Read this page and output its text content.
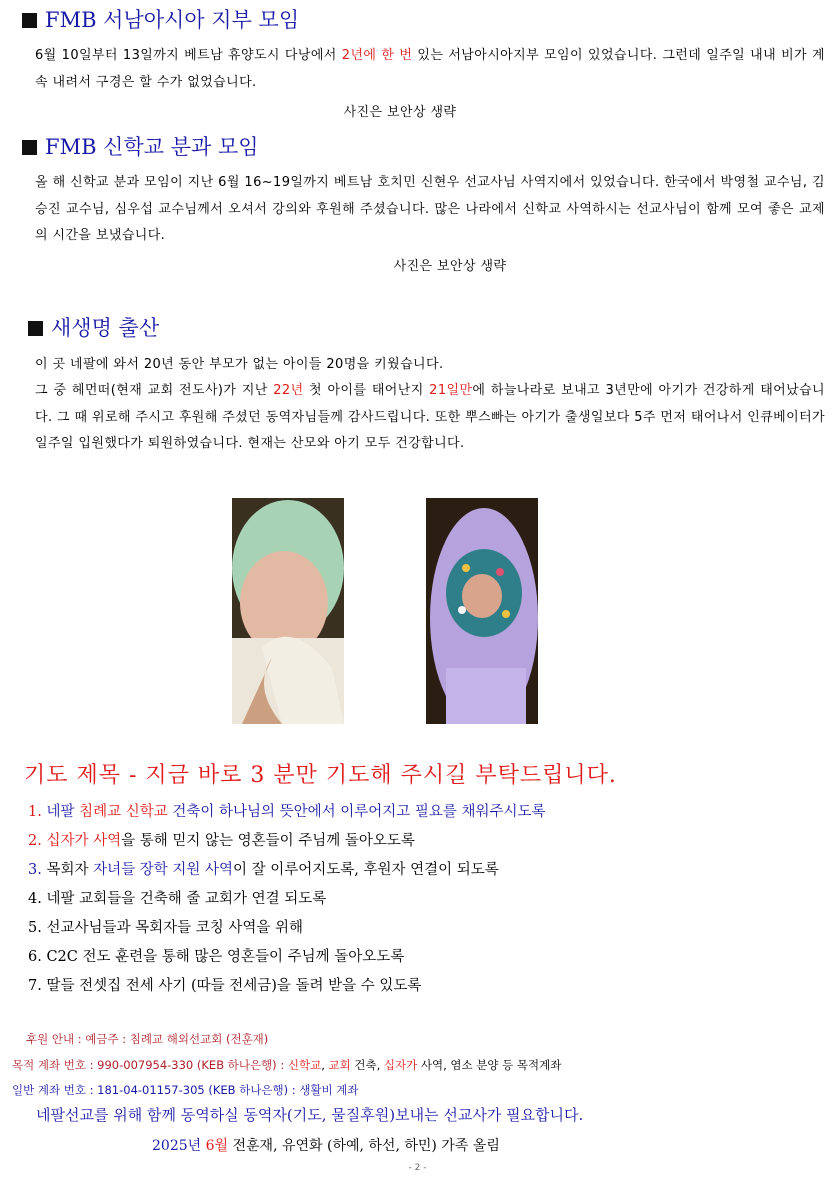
FMB 서남아시아 지부 모임

6월 10일부터 13일까지 베트남 휴양도시 다낭에서 2년에 한 번 있는 서남아시아지부 모임이 있었습니다. 그런데 일주일 내내 비가 계속 내려서 구경은 할 수가 없었습니다.

사진은 보안상 생략

FMB 신학교 분과 모임

올 해 신학교 분과 모임이 지난 6월 16~19일까지 베트남 호치민 신현우 선교사님 사역지에서 있었습니다. 한국에서 박영철 교수님, 김승진 교수님, 심우섭 교수님께서 오셔서 강의와 후원해 주셨습니다. 많은 나라에서 신학교 사역하시는 선교사님이 함께 모여 좋은 교제의 시간을 보냈습니다.

사진은 보안상 생략

새생명 출산

이 곳 네팔에 와서 20년 동안 부모가 없는 아이들 20명을 키웠습니다.

그 중 헤먼떠(현재 교회 전도사)가 지난 22년 첫 아이를 태어난지 21일만에 하늘나라로 보내고 3년만에 아기가 건강하게 태어났습니다. 그 때 위로해 주시고 후원해 주셨던 동역자님들께 감사드립니다. 또한 뿌스빠는 아기가 출생일보다 5주 먼저 태어나서 인큐베이터가 일주일 입원했다가 퇴원하였습니다. 현재는 산모와 아기 모두 건강합니다.

기도 제목 - 지금 바로 3 분만 기도해 주시길 부탁드립니다.
1. 네팔 침례교 신학교 건축이 하나님의 뜻안에서 이루어지고 필요를 채워주시도록
2. 십자가 사역을 통해 믿지 않는 영혼들이 주님께 돌아오도록
3. 목회자 자녀들 장학 지원 사역이 잘 이루어지도록, 후원자 연결이 되도록
4. 네팔 교회들을 건축해 줄 교회가 연결 되도록
5. 선교사님들과 목회자들 코칭 사역을 위해
6. C2C 전도 훈련을 통해 많은 영혼들이 주님께 돌아오도록
7. 딸들 전셋집 전세 사기 (따들 전세금)을 돌려 받을 수 있도록

후원 안내 : 예금주 : 침례교 해외선교회 (전훈재)

목적 계좌 번호 : 990-007954-330 (KEB 하나은행) : 신학교, 교회 건축, 십자가 사역, 염소 분양 등 목적계좌

일반 계좌 번호 : 181-04-01157-305 (KEB 하나은행) : 생활비 계좌

네팔선교를 위해 함께 동역하실 동역자(기도, 물질후원)보내는 선교사가 필요합니다.

2025년 6월 전훈재, 유연화 (하예, 하선, 하민) 가족 올림

- 2 -
